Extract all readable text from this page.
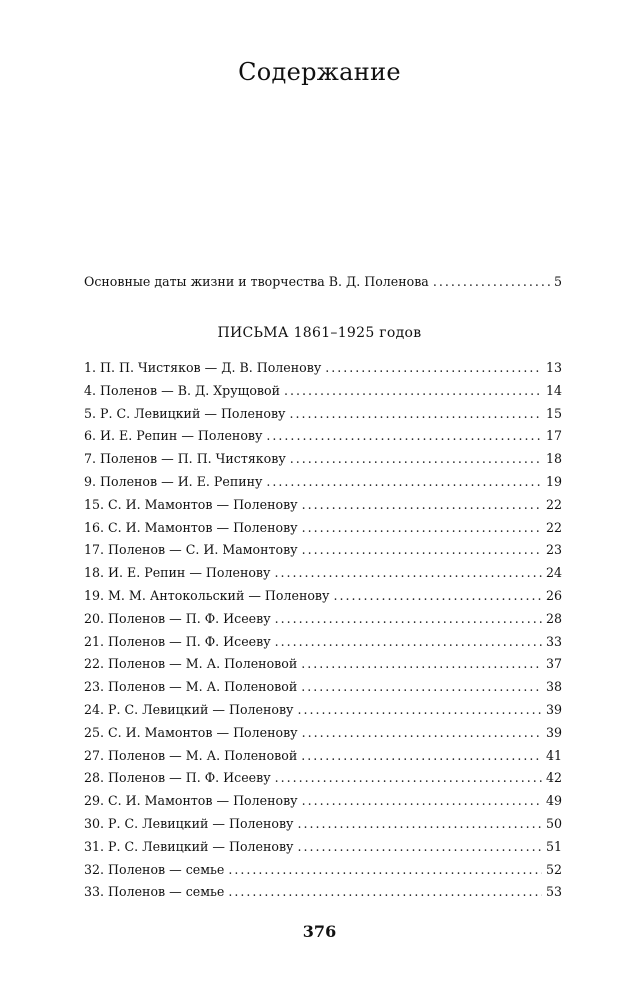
Содержание
Основные даты жизни и творчества В. Д. Поленова .....	5
ПИСЬМА 1861–1925 годов
1. П. П. Чистяков — Д. В. Поленову .....	13
4. Поленов — В. Д. Хрущовой .....	14
5. Р. С. Левицкий — Поленову .....	15
6. И. Е. Репин — Поленову .....	17
7. Поленов — П. П. Чистякову .....	18
9. Поленов — И. Е. Репину .....	19
15. С. И. Мамонтов — Поленову .....	22
16. С. И. Мамонтов — Поленову .....	22
17. Поленов — С. И. Мамонтову .....	23
18. И. Е. Репин — Поленову .....	24
19. М. М. Антокольский — Поленову .....	26
20. Поленов — П. Ф. Исееву .....	28
21. Поленов — П. Ф. Исееву .....	33
22. Поленов — М. А. Поленовой .....	37
23. Поленов — М. А. Поленовой .....	38
24. Р. С. Левицкий — Поленову .....	39
25. С. И. Мамонтов — Поленову .....	39
27. Поленов — М. А. Поленовой .....	41
28. Поленов — П. Ф. Исееву .....	42
29. С. И. Мамонтов — Поленову .....	49
30. Р. С. Левицкий — Поленову .....	50
31. Р. С. Левицкий — Поленову .....	51
32. Поленов — семье .....	52
33. Поленов — семье .....	53
376
